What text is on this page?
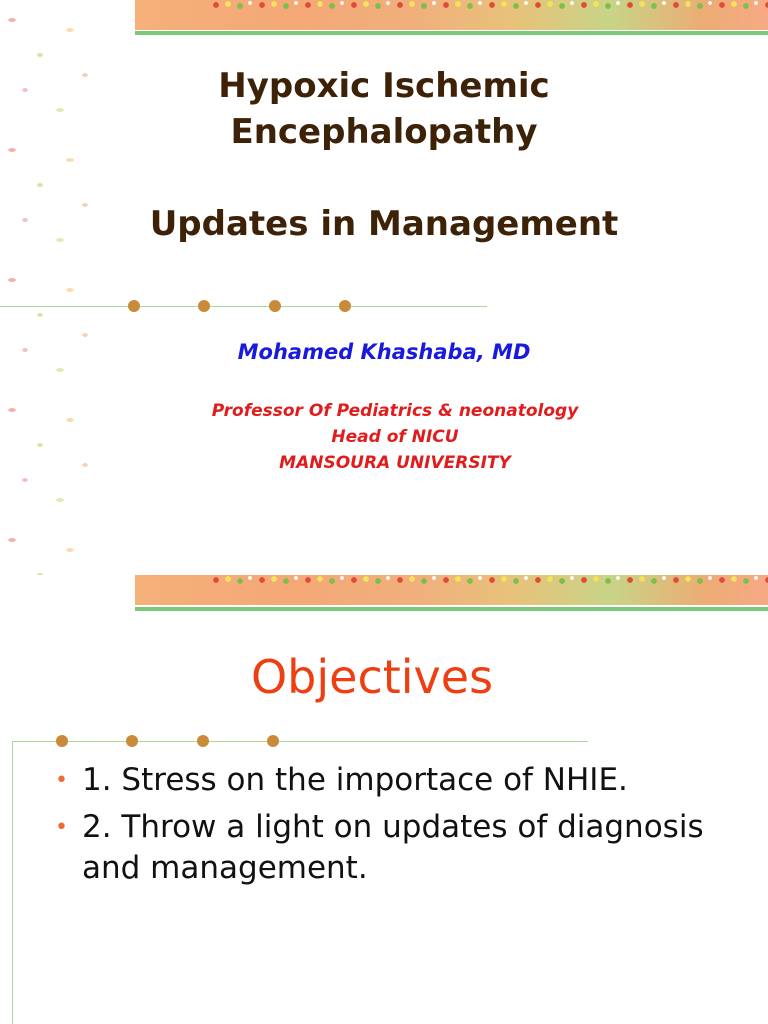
Hypoxic Ischemic
Encephalopathy
Updates in Management
Mohamed Khashaba, MD
Professor Of Pediatrics & neonatology
Head of NICU
MANSOURA UNIVERSITY
Objectives
• 1. Stress on the importace of NHIE.
• 2. Throw a light on updates of diagnosis and management.
